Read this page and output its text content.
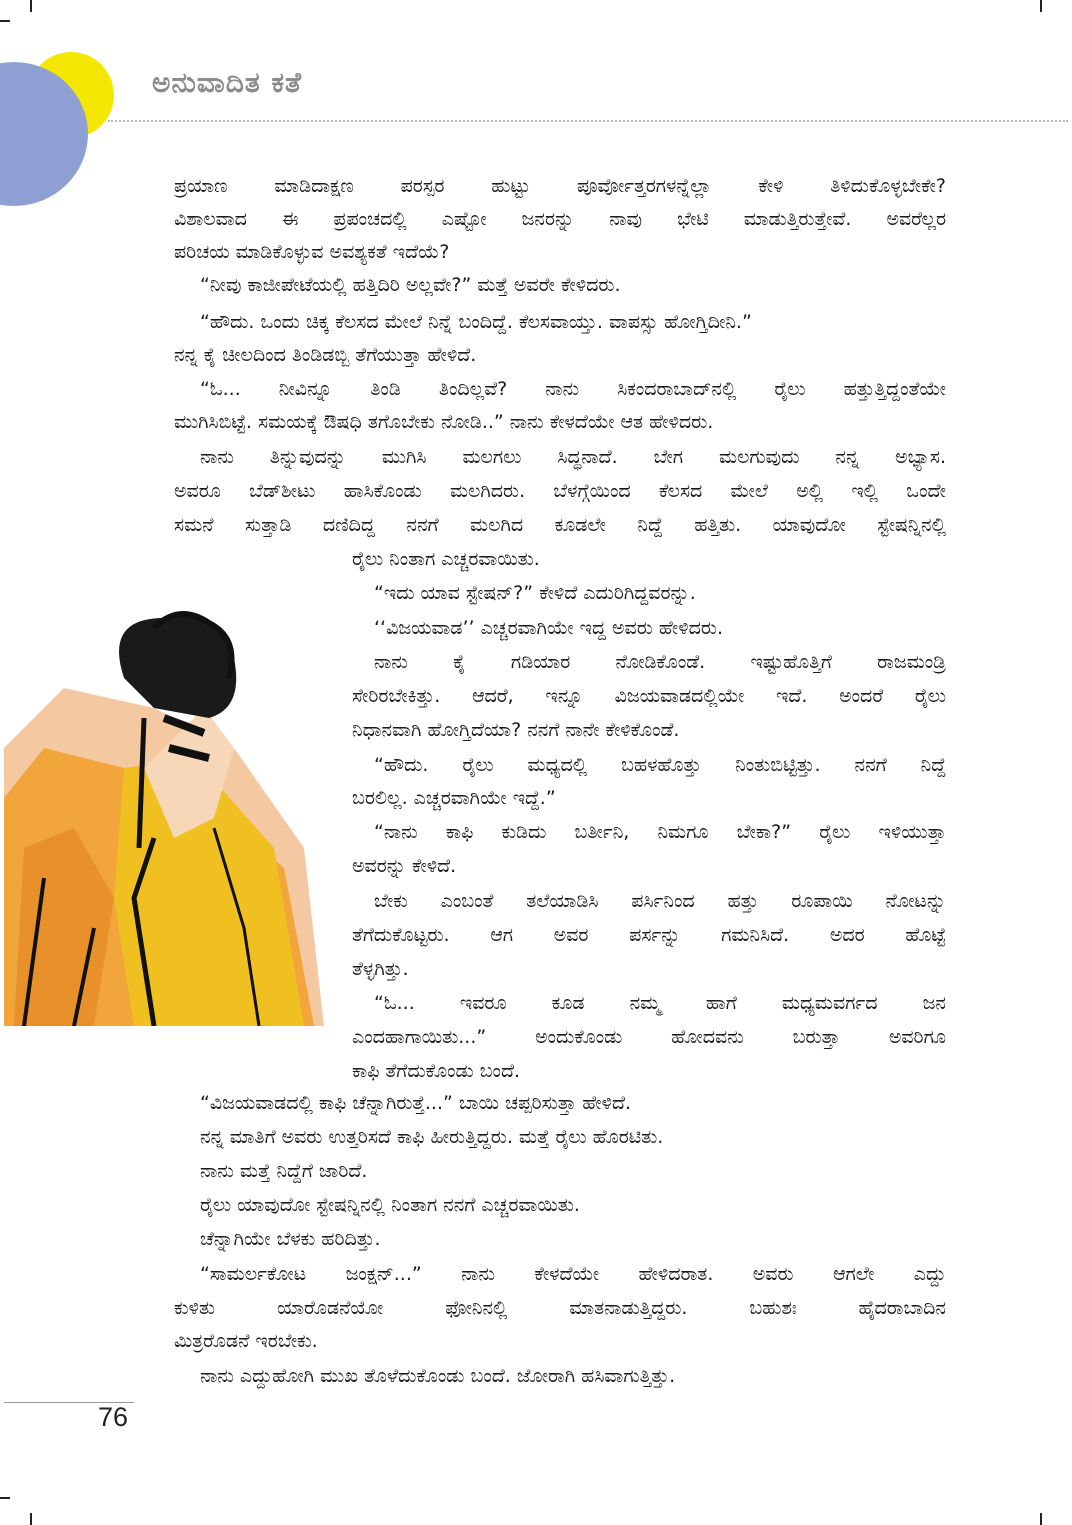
ಅನುವಾದಿತ ಕತೆ

ಪ್ರಯಾಣ ಮಾಡಿದಾಕ್ಷಣ ಪರಸ್ಪರ ಹುಟ್ಟು ಪೂರ್ವೋತ್ತರಗಳನ್ನೆಲ್ಲಾ ಕೇಳಿ ತಿಳಿದುಕೊಳ್ಳಬೇಕೇ?

ವಿಶಾಲವಾದ ಈ ಪ್ರಪಂಚದಲ್ಲಿ ಎಷ್ಟೋ ಜನರನ್ನು ನಾವು ಭೇಟಿ ಮಾಡುತ್ತಿರುತ್ತೇವೆ. ಅವರೆಲ್ಲರ

ಪರಿಚಯ ಮಾಡಿಕೊಳ್ಳುವ ಅವಶ್ಯಕತೆ ಇದೆಯೆ?

“ನೀವು ಕಾಜೀಪೇಟೆಯಲ್ಲಿ ಹತ್ತಿದಿರಿ ಅಲ್ಲವೇ?” ಮತ್ತೆ ಅವರೇ ಕೇಳಿದರು.

“ಹೌದು. ಒಂದು ಚಿಕ್ಕ ಕೆಲಸದ ಮೇಲೆ ನಿನ್ನೆ ಬಂದಿದ್ದೆ. ಕೆಲಸವಾಯ್ತು. ವಾಪಸ್ಸು ಹೋಗ್ತಿದೀನಿ.”

ನನ್ನ ಕೈ ಚೀಲದಿಂದ ತಿಂಡಿಡಬ್ಬಿ ತೆಗೆಯುತ್ತಾ ಹೇಳಿದೆ.

“ಓ... ನೀವಿನ್ನೂ ತಿಂಡಿ ತಿಂದಿಲ್ಲವೆ? ನಾನು ಸಿಕಂದರಾಬಾದ್‌ನಲ್ಲಿ ರೈಲು ಹತ್ತುತ್ತಿದ್ದಂತೆಯೇ

ಮುಗಿಸಿಬಿಟ್ಟೆ. ಸಮಯಕ್ಕೆ ಔಷಧಿ ತಗೊಬೇಕು ನೋಡಿ..” ನಾನು ಕೇಳದೆಯೇ ಆತ ಹೇಳಿದರು.

ನಾನು ತಿನ್ನುವುದನ್ನು ಮುಗಿಸಿ ಮಲಗಲು ಸಿದ್ಧನಾದೆ. ಬೇಗ ಮಲಗುವುದು ನನ್ನ ಅಭ್ಯಾಸ.

ಅವರೂ ಬೆಡ್‌ಶೀಟು ಹಾಸಿಕೊಂಡು ಮಲಗಿದರು. ಬೆಳಗ್ಗೆಯಿಂದ ಕೆಲಸದ ಮೇಲೆ ಅಲ್ಲಿ ಇಲ್ಲಿ ಒಂದೇ

ಸಮನೆ ಸುತ್ತಾಡಿ ದಣಿದಿದ್ದ ನನಗೆ ಮಲಗಿದ ಕೂಡಲೇ ನಿದ್ದೆ ಹತ್ತಿತು. ಯಾವುದೋ ಸ್ಟೇಷನ್ನಿನಲ್ಲಿ

ರೈಲು ನಿಂತಾಗ ಎಚ್ಚರವಾಯಿತು.

“ಇದು ಯಾವ ಸ್ಟೇಷನ್?” ಕೇಳಿದೆ ಎದುರಿಗಿದ್ದವರನ್ನು.

‘‘ವಿಜಯವಾಡ’’ ಎಚ್ಚರವಾಗಿಯೇ ಇದ್ದ ಅವರು ಹೇಳಿದರು.

ನಾನು ಕೈ ಗಡಿಯಾರ ನೋಡಿಕೊಂಡೆ. ಇಷ್ಟುಹೊತ್ತಿಗೆ ರಾಜಮಂಡ್ರಿ

ಸೇರಿರಬೇಕಿತ್ತು. ಆದರೆ, ಇನ್ನೂ ವಿಜಯವಾಡದಲ್ಲಿಯೇ ಇದೆ. ಅಂದರೆ ರೈಲು

ನಿಧಾನವಾಗಿ ಹೋಗ್ತಿದೆಯಾ? ನನಗೆ ನಾನೇ ಕೇಳಿಕೊಂಡೆ.

“ಹೌದು. ರೈಲು ಮಧ್ಯದಲ್ಲಿ ಬಹಳಹೊತ್ತು ನಿಂತುಬಿಟ್ಟಿತ್ತು. ನನಗೆ ನಿದ್ದೆ

ಬರಲಿಲ್ಲ. ಎಚ್ಚರವಾಗಿಯೇ ಇದ್ದೆ.”

“ನಾನು ಕಾಫಿ ಕುಡಿದು ಬರ್ತೀನಿ, ನಿಮಗೂ ಬೇಕಾ?” ರೈಲು ಇಳಿಯುತ್ತಾ

ಅವರನ್ನು ಕೇಳಿದೆ.

ಬೇಕು ಎಂಬಂತೆ ತಲೆಯಾಡಿಸಿ ಪರ್ಸಿನಿಂದ ಹತ್ತು ರೂಪಾಯಿ ನೋಟನ್ನು

ತೆಗೆದುಕೊಟ್ಟರು. ಆಗ ಅವರ ಪರ್ಸನ್ನು ಗಮನಿಸಿದೆ. ಅದರ ಹೊಟ್ಟೆ

ತೆಳ್ಳಗಿತ್ತು.

“ಓ... ಇವರೂ ಕೂಡ ನಮ್ಮ ಹಾಗೆ ಮಧ್ಯಮವರ್ಗದ ಜನ

ಎಂದಹಾಗಾಯಿತು...” ಅಂದುಕೊಂಡು ಹೋದವನು ಬರುತ್ತಾ ಅವರಿಗೂ

ಕಾಫಿ ತೆಗೆದುಕೊಂಡು ಬಂದೆ.

“ವಿಜಯವಾಡದಲ್ಲಿ ಕಾಫಿ ಚೆನ್ನಾಗಿರುತ್ತೆ...” ಬಾಯಿ ಚಪ್ಪರಿಸುತ್ತಾ ಹೇಳಿದೆ.

ನನ್ನ ಮಾತಿಗೆ ಅವರು ಉತ್ತರಿಸದೆ ಕಾಫಿ ಹೀರುತ್ತಿದ್ದರು. ಮತ್ತೆ ರೈಲು ಹೊರಟಿತು.

ನಾನು ಮತ್ತೆ ನಿದ್ದೆಗೆ ಜಾರಿದೆ.

ರೈಲು ಯಾವುದೋ ಸ್ಟೇಷನ್ನಿನಲ್ಲಿ ನಿಂತಾಗ ನನಗೆ ಎಚ್ಚರವಾಯಿತು.

ಚೆನ್ನಾಗಿಯೇ ಬೆಳಕು ಹರಿದಿತ್ತು.

“ಸಾಮರ್ಲಕೋಟ ಜಂಕ್ಷನ್...” ನಾನು ಕೇಳದೆಯೇ ಹೇಳಿದರಾತ. ಅವರು ಆಗಲೇ ಎದ್ದು

ಕುಳಿತು ಯಾರೊಡನೆಯೋ ಫೋನಿನಲ್ಲಿ ಮಾತನಾಡುತ್ತಿದ್ದರು. ಬಹುಶಃ ಹೈದರಾಬಾದಿನ

ಮಿತ್ರರೊಡನೆ ಇರಬೇಕು.

ನಾನು ಎದ್ದುಹೋಗಿ ಮುಖ ತೊಳೆದುಕೊಂಡು ಬಂದೆ. ಜೋರಾಗಿ ಹಸಿವಾಗುತ್ತಿತ್ತು.

76
